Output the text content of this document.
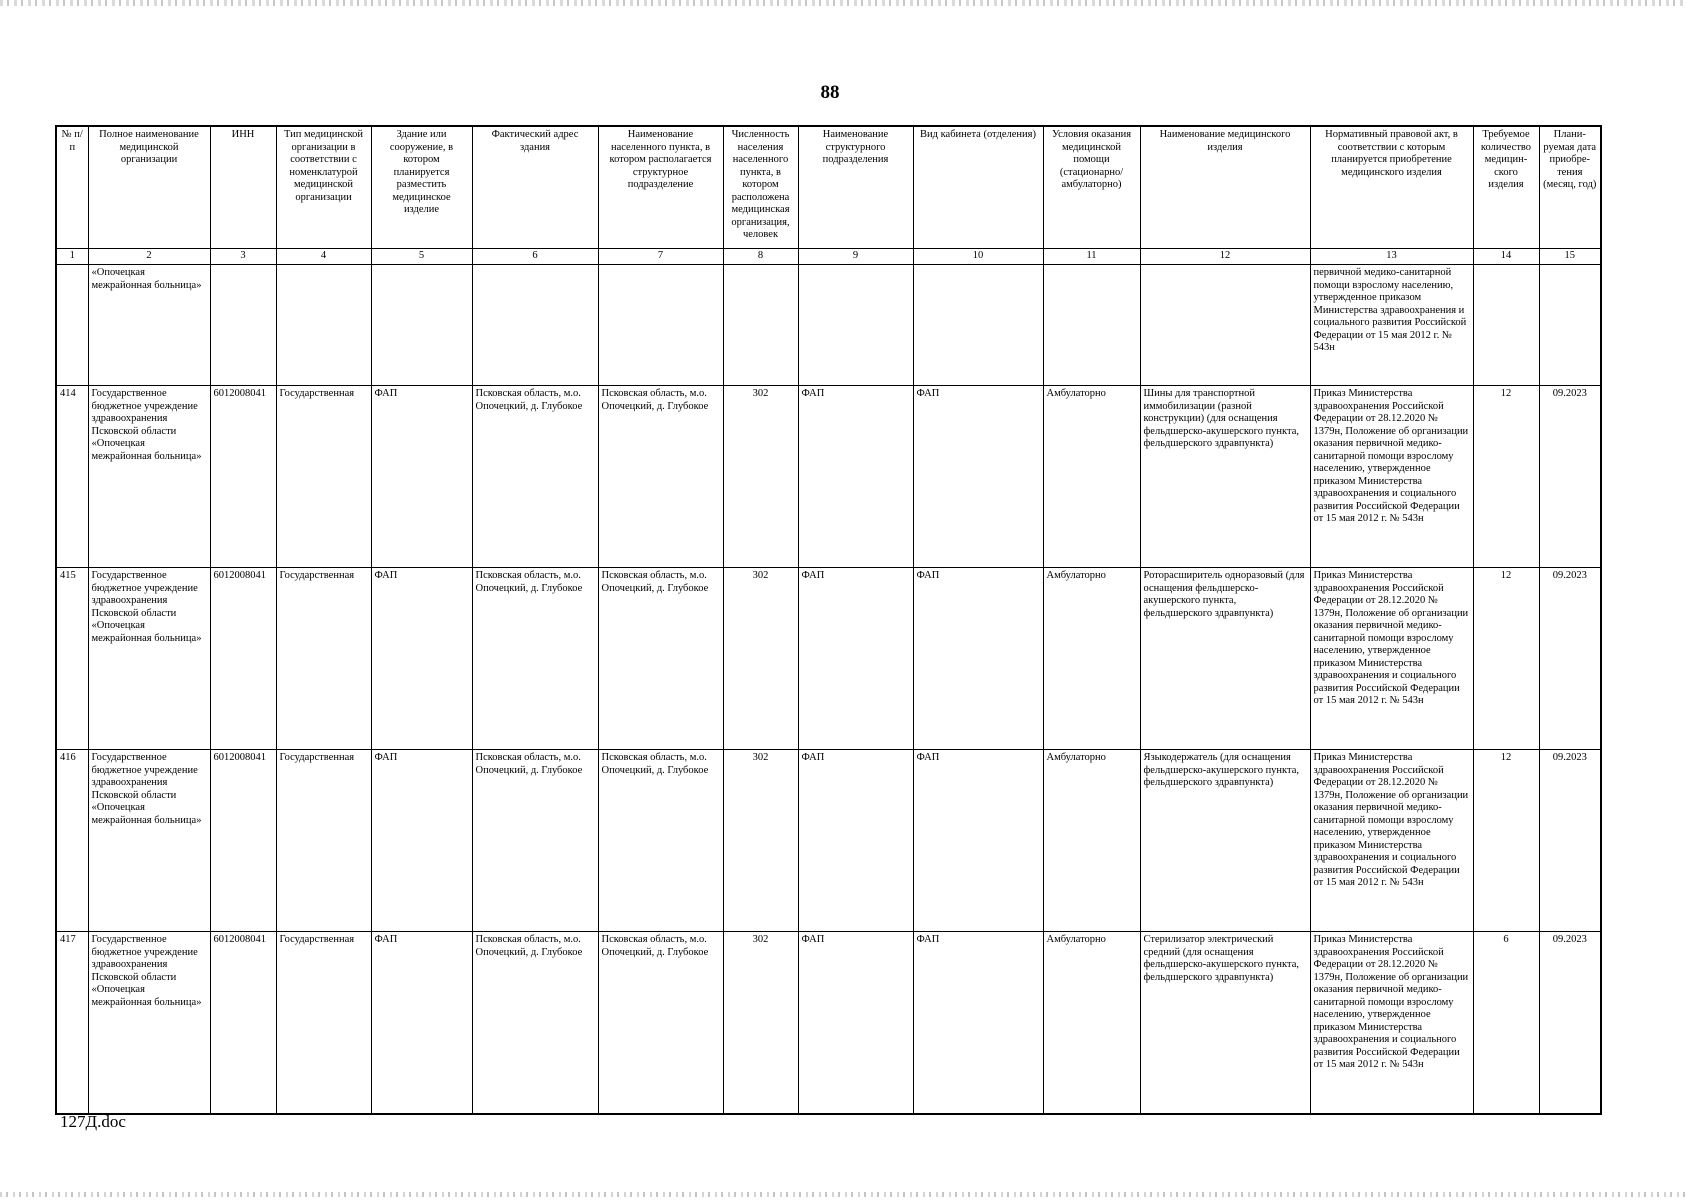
88
№ п/п	Полное наименование медицинской организации	ИНН	Тип медицинской организации в соответствии с номенклатурой медицинской организации	Здание или сооружение, в котором планируется разместить медицинское изделие	Фактический адрес здания	Наименование населенного пункта, в котором располагается структурное подразделение	Численность населения населенного пункта, в котором расположена медицинская организация, человек	Наименование структурного подразделения	Вид кабинета (отделения)	Условия оказания медицинской помощи (стационарно/ амбулаторно)	Наименование медицинского изделия	Нормативный правовой акт, в соответствии с которым планируется приобретение медицинского изделия	Требуемое количество медицин-ского изделия	Плани-руемая дата приобре-тения (месяц, год)
1	2	3	4	5	6	7	8	9	10	11	12	13	14	15
	«Опочецкая межрайонная больница»											первичной медико-санитарной помощи взрослому населению, утвержденное приказом Министерства здравоохранения и социального развития Российской Федерации от 15 мая 2012 г. № 543н		
414	Государственное бюджетное учреждение здравоохранения Псковской области «Опочецкая межрайонная больница»	6012008041	Государственная	ФАП	Псковская область, м.о. Опочецкий, д. Глубокое	Псковская область, м.о. Опочецкий, д. Глубокое	302	ФАП	ФАП	Амбулаторно	Шины для транспортной иммобилизации (разной конструкции) (для оснащения фельдшерско-акушерского пункта, фельдшерского здравпункта)	Приказ Министерства здравоохранения Российской Федерации от 28.12.2020 № 1379н, Положение об организации оказания первичной медико-санитарной помощи взрослому населению, утвержденное приказом Министерства здравоохранения и социального развития Российской Федерации от 15 мая 2012 г. № 543н	12	09.2023
415	Государственное бюджетное учреждение здравоохранения Псковской области «Опочецкая межрайонная больница»	6012008041	Государственная	ФАП	Псковская область, м.о. Опочецкий, д. Глубокое	Псковская область, м.о. Опочецкий, д. Глубокое	302	ФАП	ФАП	Амбулаторно	Роторасширитель одноразовый (для оснащения фельдшерско-акушерского пункта, фельдшерского здравпункта)	Приказ Министерства здравоохранения Российской Федерации от 28.12.2020 № 1379н, Положение об организации оказания первичной медико-санитарной помощи взрослому населению, утвержденное приказом Министерства здравоохранения и социального развития Российской Федерации от 15 мая 2012 г. № 543н	12	09.2023
416	Государственное бюджетное учреждение здравоохранения Псковской области «Опочецкая межрайонная больница»	6012008041	Государственная	ФАП	Псковская область, м.о. Опочецкий, д. Глубокое	Псковская область, м.о. Опочецкий, д. Глубокое	302	ФАП	ФАП	Амбулаторно	Языкодержатель (для оснащения фельдшерско-акушерского пункта, фельдшерского здравпункта)	Приказ Министерства здравоохранения Российской Федерации от 28.12.2020 № 1379н, Положение об организации оказания первичной медико-санитарной помощи взрослому населению, утвержденное приказом Министерства здравоохранения и социального развития Российской Федерации от 15 мая 2012 г. № 543н	12	09.2023
417	Государственное бюджетное учреждение здравоохранения Псковской области «Опочецкая межрайонная больница»	6012008041	Государственная	ФАП	Псковская область, м.о. Опочецкий, д. Глубокое	Псковская область, м.о. Опочецкий, д. Глубокое	302	ФАП	ФАП	Амбулаторно	Стерилизатор электрический средний (для оснащения фельдшерско-акушерского пункта, фельдшерского здравпункта)	Приказ Министерства здравоохранения Российской Федерации от 28.12.2020 № 1379н, Положение об организации оказания первичной медико-санитарной помощи взрослому населению, утвержденное приказом Министерства здравоохранения и социального развития Российской Федерации от 15 мая 2012 г. № 543н	6	09.2023
127Д.doc
